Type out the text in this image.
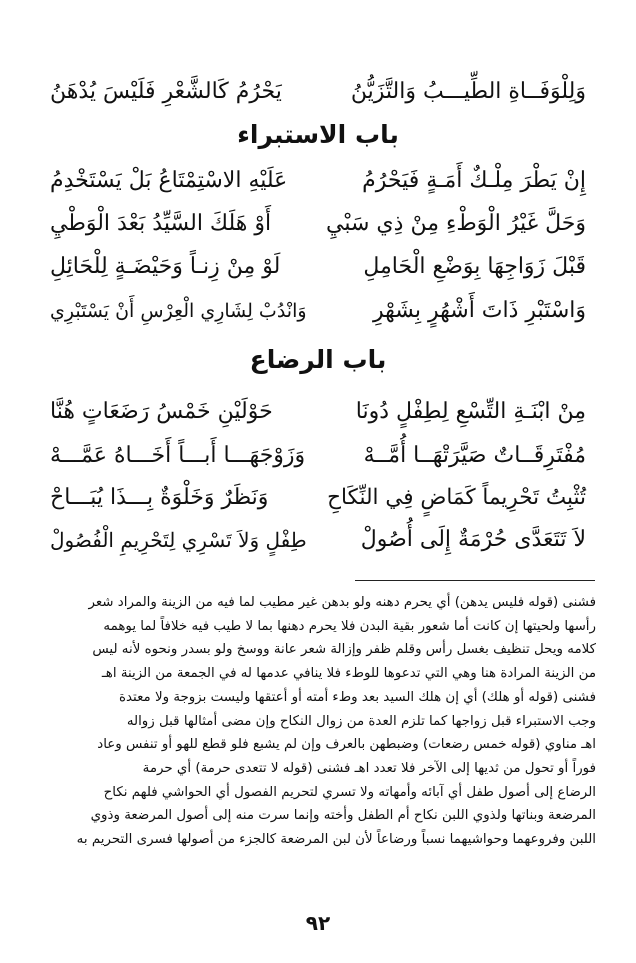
وَلِلْوَفَــاةِ الطِّيـــبُ وَالتَّزَيُّنُ
يَحْرُمُ كَالشَّعْرِ فَلَيْسَ يُدْهَنُ
باب الاستبراء
إِنْ يَطْرَ مِلْـكٌ أَمَـةٍ فَيَحْرُمُ
عَلَيْهِ الاسْتِمْتَاعُ بَلْ يَسْتَخْدِمُ
وَحَلَّ غَيْرُ الْوَطْءِ مِنْ ذِي سَبْيِ
أَوْ هَلَكَ السَّيِّدُ بَعْدَ الْوَطْيِ
قَبْلَ زَوَاجِهَا بِوَضْعِ الْحَامِلِ
لَوْ مِنْ زِنـاً وَحَيْضَـةٍ لِلْحَائِلِ
وَاسْتَبْرِ ذَاتَ أَشْهُرٍ بِشَهْرِ
وَانْدُبْ لِشَارِي الْعِرْسِ أَنْ يَسْتَبْرِي
باب الرضاع
مِنْ ابْنَـةِ التِّسْعِ لِطِفْلٍ دُونَا
حَوْلَيْنِ خَمْسُ رَضَعَاتٍ هُنَّا
مُفْتَرِقَــاتٌ صَيَّرَتْهَــا أُمَّــهْ
وَزَوْجَهَـــا أَبـــاً أَخَـــاهُ عَمَّـــهْ
تُثْبِتُ تَحْرِيماً كَمَاضٍ فِي النِّكَاحِ
وَنَظَرٌ وَخَلْوَةٌ بِـــذَا يُبَـــاحْ
لاَ تَتَعَدَّى حُرْمَةٌ إِلَى أُصُولْ
طِفْلٍ وَلاَ تَسْرِي لِتَحْرِيمِ الْفُصُولْ

فشنى (قوله فليس يدهن) أي يحرم دهنه ولو بدهن غير مطيب لما فيه من الزينة والمراد شعر

رأسها ولحيتها إن كانت أما شعور بقية البدن فلا يحرم دهنها بما لا طيب فيه خلافاً لما يوهمه

كلامه ويحل تنظيف بغسل رأس وقلم ظفر وإزالة شعر عانة ووسخ ولو بسدر ونحوه لأنه ليس

من الزينة المرادة هنا وهي التي تدعوها للوطء فلا ينافي عدمها له في الجمعة من الزينة اهـ

فشنى (قوله أو هلك) أي إن هلك السيد بعد وطء أمته أو أعتقها وليست بزوجة ولا معتدة

وجب الاستبراء قبل زواجها كما تلزم العدة من زوال النكاح وإن مضى أمثالها قبل زواله

اهـ مناوي (قوله خمس رضعات) وضبطهن بالعرف وإن لم يشبع فلو قطع للهو أو تنفس وعاد

فوراً أو تحول من ثديها إلى الآخر فلا تعدد اهـ فشنى (قوله لا تتعدى حرمة) أي حرمة

الرضاع إلى أصول طفل أي آبائه وأمهاته ولا تسري لتحريم الفصول أي الحواشي فلهم نكاح

المرضعة وبناتها ولذوي اللبن نكاح أم الطفل وأخته وإنما سرت منه إلى أصول المرضعة وذوي

اللبن وفروعهما وحواشيهما نسباً ورضاعاً لأن لبن المرضعة كالجزء من أصولها فسرى التحريم به

٩٢
